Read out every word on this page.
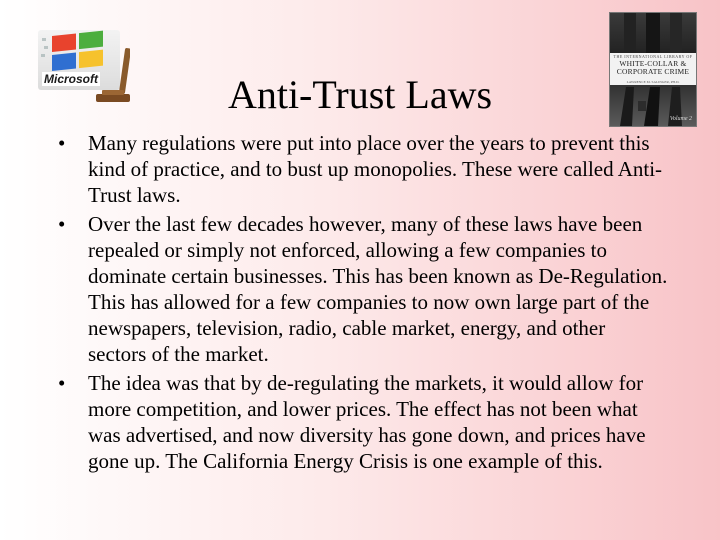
Microsoft
THE INTERNATIONAL LIBRARY OF
WHITE-COLLAR &
CORPORATE CRIME
LAWRENCE M. SALINGER, PH.D.
Volume 2
Anti-Trust Laws
• Many regulations were put into place over the years to prevent this kind of practice, and to bust up monopolies. These were called Anti-Trust laws.
• Over the last few decades however, many of these laws have been repealed or simply not enforced, allowing a few companies to dominate certain businesses. This has been known as De-Regulation. This has allowed for a few companies to now own large part of the newspapers, television, radio, cable market, energy, and other sectors of the market.
• The idea was that by de-regulating the markets, it would allow for more competition, and lower prices. The effect has not been what was advertised, and now diversity has gone down, and prices have gone up. The California Energy Crisis is one example of this.
